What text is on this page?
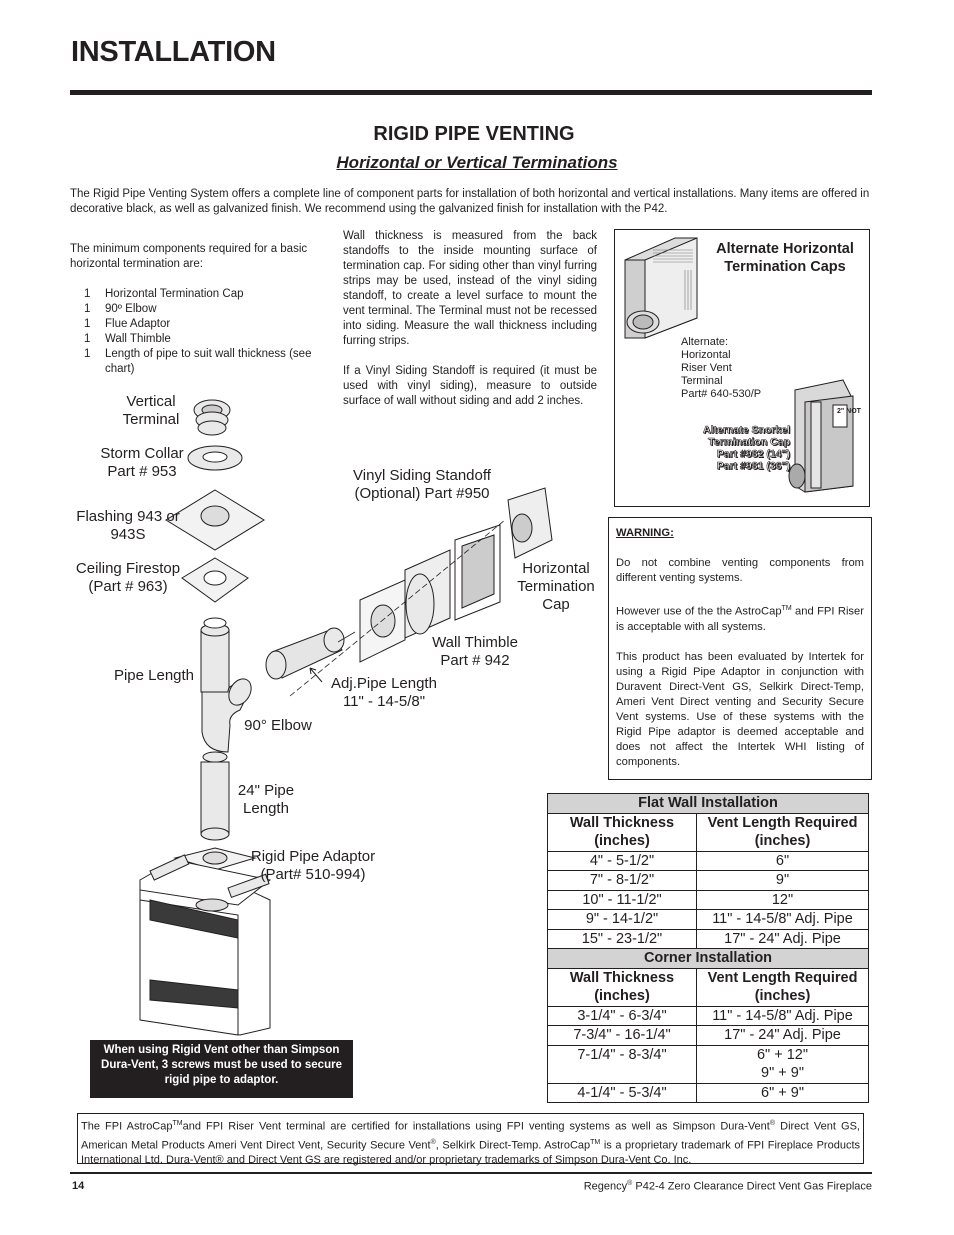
INSTALLATION
RIGID PIPE VENTING
Horizontal or Vertical Terminations
The Rigid Pipe Venting System offers a complete line of component parts for installation of both horizontal and vertical installations. Many items are offered in decorative black, as well as galvanized finish. We recommend using the galvanized finish for installation with the P42.
The minimum components required for a basic horizontal termination are:
1	Horizontal Termination Cap
1	90º Elbow
1	Flue Adaptor
1	Wall Thimble
1	Length of pipe to suit wall thickness (see chart)

Wall thickness is measured from the back standoffs to the inside mounting surface of termination cap. For siding other than vinyl furring strips may be used, instead of the vinyl siding standoff, to create a level surface to mount the vent terminal. The Terminal must not be recessed into siding. Measure the wall thickness including furring strips.

If a Vinyl Siding Standoff is required (it must be used with vinyl siding), measure to outside surface of wall without siding and add 2 inches.

2" NOT
Alternate Horizontal Termination Caps
Alternate:
Horizontal
Riser Vent
Terminal
Part# 640-530/P
Alternate Snorkel
Termination Cap
Part #982 (14")
Part #981 (36")
WARNING:

Do not combine venting components from different venting systems.

However use of the the AstroCap™ and FPI Riser is acceptable with all systems.

This product has been evaluated by Intertek for using a Rigid Pipe Adaptor in conjunction with Duravent Direct-Vent GS, Selkirk Direct-Temp, Ameri Vent Direct venting and Security Secure Vent systems. Use of these systems with the Rigid Pipe adaptor is deemed acceptable and does not affect the Intertek WHI listing of components.

Vertical Terminal
Storm Collar Part # 953
Flashing 943 or 943S
Ceiling Firestop (Part # 963)
Pipe Length
90° Elbow
24" Pipe Length
Rigid Pipe Adaptor (Part# 510-994)
Vinyl Siding Standoff (Optional) Part #950
Horizontal Termination Cap
Wall Thimble Part # 942
Adj.Pipe Length 11" - 14-5/8"
Flat Wall Installation	
Wall Thickness (inches)	Vent Length Required (inches)
4" - 5-1/2"	6"
7" - 8-1/2"	9"
10" - 11-1/2"	12"
9" - 14-1/2"	11" - 14-5/8" Adj. Pipe
15" - 23-1/2"	17" - 24" Adj. Pipe
Corner Installation	
Wall Thickness (inches)	Vent Length Required (inches)
3-1/4" - 6-3/4"	11" - 14-5/8" Adj. Pipe
7-3/4" - 16-1/4"	17" - 24" Adj. Pipe
7-1/4" - 8-3/4"	6" + 12"
9" + 9"

4-1/4" - 5-3/4"	6" + 9"
When using Rigid Vent other than Simpson Dura-Vent, 3 screws must be used to secure rigid pipe to adaptor.
The FPI AstroCap™and FPI Riser Vent terminal are certified for installations using FPI venting systems as well as Simpson Dura-Vent® Direct Vent GS, American Metal Products Ameri Vent Direct Vent, Security Secure Vent®, Selkirk Direct-Temp. AstroCap™ is a proprietary trademark of FPI Fireplace Products International Ltd. Dura-Vent® and Direct Vent GS are registered and/or proprietary trademarks of Simpson Dura-Vent Co. Inc.
14	Regency® P42-4 Zero Clearance Direct Vent Gas Fireplace
